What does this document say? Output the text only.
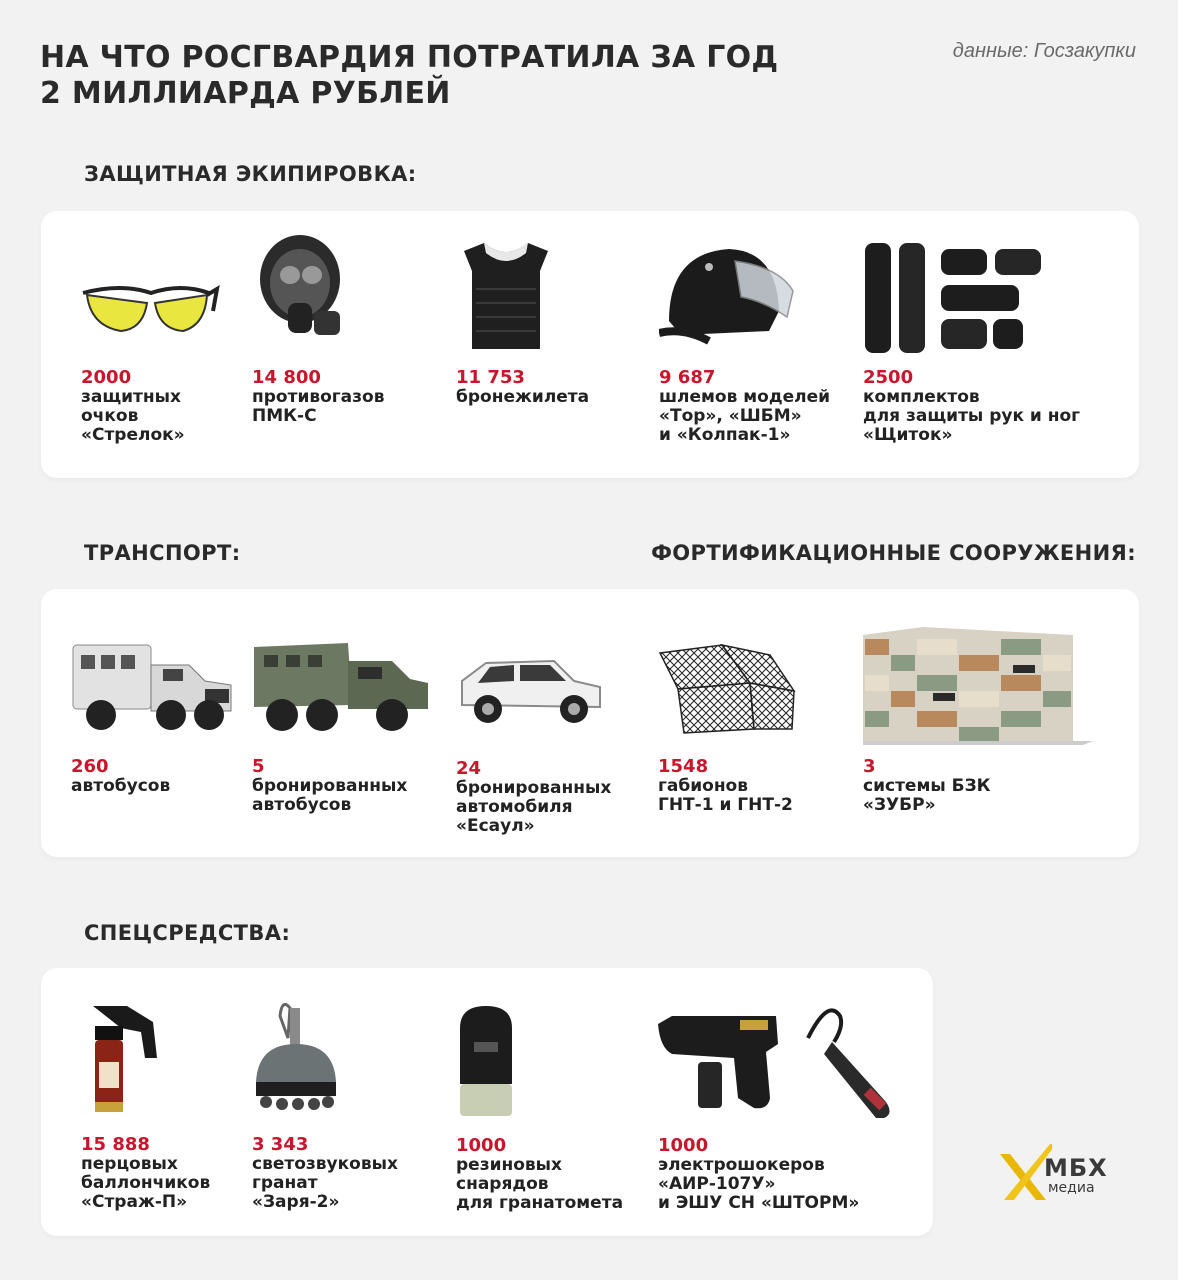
НА ЧТО РОСГВАРДИЯ ПОТРАТИЛА ЗА ГОД
2 МИЛЛИАРДА РУБЛЕЙ
данные: Госзакупки
ЗАЩИТНАЯ ЭКИПИРОВКА:
2000
защитных
очков
«Стрелок»
14 800
противогазов
ПМК-С
11 753
бронежилета
9 687
шлемов моделей
«Тор», «ШБМ»
и «Колпак-1»
2500
комплектов
для защиты рук и ног
«Щиток»
ТРАНСПОРТ:	ФОРТИФИКАЦИОННЫЕ СООРУЖЕНИЯ:
260
автобусов
5
бронированных
автобусов
24
бронированных
автомобиля
«Есаул»
1548
габионов
ГНТ-1 и ГНТ-2
3
системы БЗК
«ЗУБР»
СПЕЦСРЕДСТВА:
15 888
перцовых
баллончиков
«Страж-П»
3 343
светозвуковых
гранат
«Заря-2»
1000
резиновых
снарядов
для гранатомета
1000
электрошокеров
«АИР-107У»
и ЭШУ СН «ШТОРМ»
МБХ
медиа
